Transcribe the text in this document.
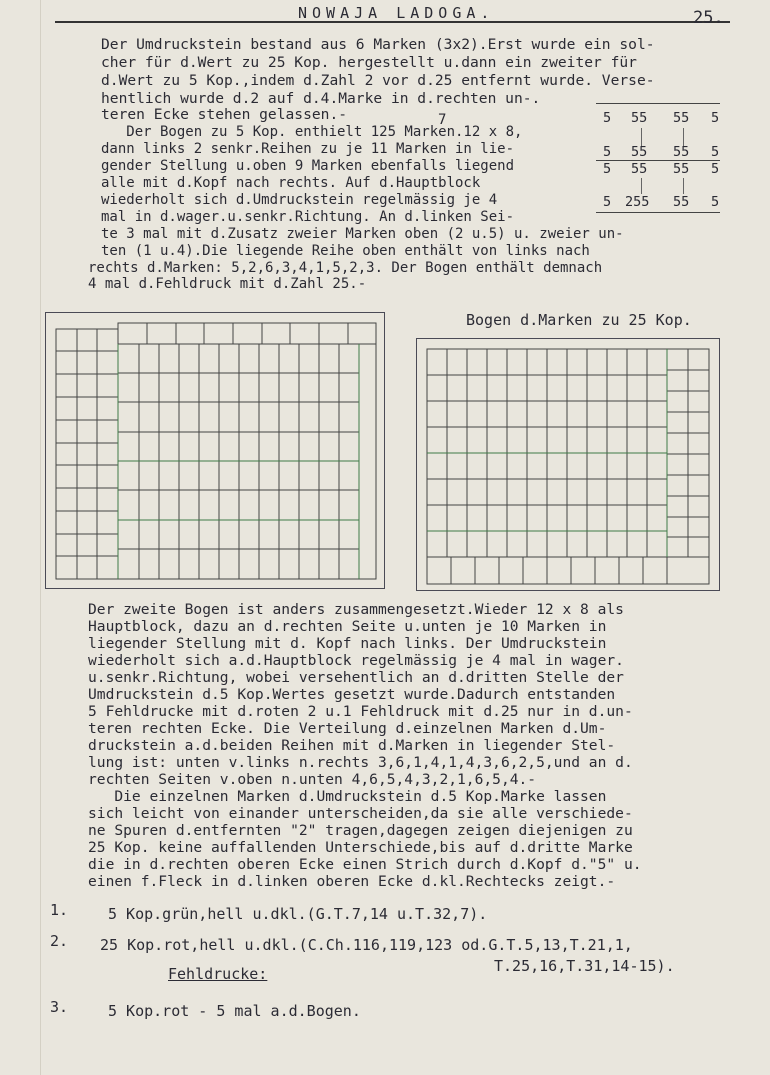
NOWAJA LADOGA.	25.
Der Umdruckstein bestand aus 6 Marken (3x2).Erst wurde ein sol-
cher für d.Wert zu 25 Kop. hergestellt u.dann ein zweiter für
d.Wert zu 5 Kop.,indem d.Zahl 2 vor d.25 entfernt wurde. Verse-
hentlich wurde d.2 auf d.4.Marke in d.rechten un-.
teren Ecke stehen gelassen.-
Der Bogen zu 5 Kop. enthielt 125 Marken.12 x 8,
7
dann links 2 senkr.Reihen zu je 11 Marken in lie-
gender Stellung u.oben 9 Marken ebenfalls liegend
alle mit d.Kopf nach rechts. Auf d.Hauptblock
wiederholt sich d.Umdruckstein regelmässig je 4
mal in d.wager.u.senkr.Richtung. An d.linken Sei-
te 3 mal mit d.Zusatz zweier Marken oben (2 u.5) u. zweier un-
ten (1 u.4).Die liegende Reihe oben enthält von links nach
rechts d.Marken: 5,2,6,3,4,1,5,2,3. Der Bogen enthält demnach
4 mal d.Fehldruck mit d.Zahl 25.-
5 55 55 5
5 55 55 5
5 55 55 5
5 255 55 5
Bogen d.Marken zu 25 Kop.
Der zweite Bogen ist anders zusammengesetzt.Wieder 12 x 8 als
Hauptblock, dazu an d.rechten Seite u.unten je 10 Marken in
liegender Stellung mit d. Kopf nach links. Der Umdruckstein
wiederholt sich a.d.Hauptblock regelmässig je 4 mal in wager.
u.senkr.Richtung, wobei versehentlich an d.dritten Stelle der
Umdruckstein d.5 Kop.Wertes gesetzt wurde.Dadurch entstanden
5 Fehldrucke mit d.roten 2 u.1 Fehldruck mit d.25 nur in d.un-
teren rechten Ecke. Die Verteilung d.einzelnen Marken d.Um-
druckstein a.d.beiden Reihen mit d.Marken in liegender Stel-
lung ist: unten v.links n.rechts 3,6,1,4,1,4,3,6,2,5,und an d.
rechten Seiten v.oben n.unten 4,6,5,4,3,2,1,6,5,4.-
Die einzelnen Marken d.Umdruckstein d.5 Kop.Marke lassen
sich leicht von einander unterscheiden,da sie alle verschiede-
ne Spuren d.entfernten "2" tragen,dagegen zeigen diejenigen zu
25 Kop. keine auffallenden Unterschiede,bis auf d.dritte Marke
die in d.rechten oberen Ecke einen Strich durch d.Kopf d."5" u.
einen f.Fleck in d.linken oberen Ecke d.kl.Rechtecks zeigt.-
1.	5 Kop.grün,hell u.dkl.(G.T.7,14 u.T.32,7).
2. 25 Kop.rot,hell u.dkl.(C.Ch.116,119,123 od.G.T.5,13,T.21,1,
T.25,16,T.31,14-15).
Fehldrucke:
3.	5 Kop.rot - 5 mal a.d.Bogen.
